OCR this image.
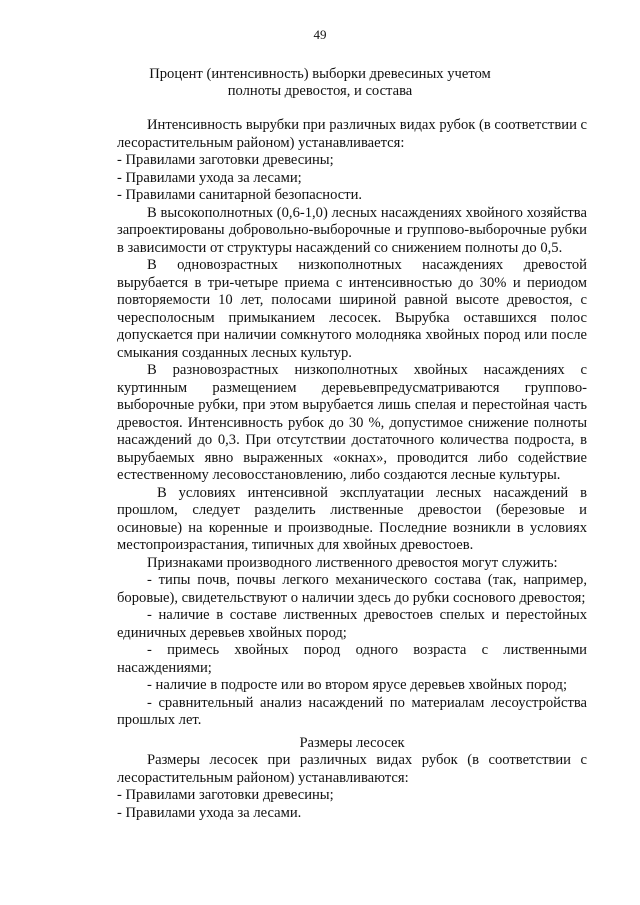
49
Процент (интенсивность) выборки древесиных учетом
полноты древостоя, и состава

Интенсивность вырубки при различных видах рубок (в соответствии с лесорастительным районом) устанавливается:

- Правилами заготовки древесины;

- Правилами ухода за лесами;

- Правилами санитарной безопасности.

В высокополнотных (0,6-1,0) лесных насаждениях хвойного хозяйства запроектированы добровольно-выборочные и группово-выборочные рубки в зависимости от структуры насаждений со снижением полноты до 0,5.

В одновозрастных низкополнотных насаждениях древостой вырубается в три-четыре приема с интенсивностью до 30% и периодом повторяемости 10 лет, полосами шириной равной высоте древостоя, с чересполосным примыканием лесосек. Вырубка оставшихся полос допускается при наличии сомкнутого молодняка хвойных пород или после смыкания созданных лесных культур.

В разновозрастных низкополнотных хвойных насаждениях с куртинным размещением деревьевпредусматриваются группово-выборочные рубки, при этом вырубается лишь спелая и перестойная часть древостоя. Интенсивность рубок до 30 %, допустимое снижение полноты насаждений до 0,3. При отсутствии достаточного количества подроста, в вырубаемых явно выраженных «окнах», проводится либо содействие естественному лесовосстановлению, либо создаются лесные культуры.

В условиях интенсивной эксплуатации лесных насаждений в прошлом, следует разделить лиственные древостои (березовые и осиновые) на коренные и производные. Последние возникли в условиях местопроизрастания, типичных для хвойных древостоев.

Признаками производного лиственного древостоя могут служить:

- типы почв, почвы легкого механического состава (так, например, боровые), свидетельствуют о наличии здесь до рубки соснового древостоя;

- наличие в составе лиственных древостоев спелых и перестойных единичных деревьев хвойных пород;

- примесь хвойных пород одного возраста с лиственными насаждениями;

- наличие в подросте или во втором ярусе деревьев хвойных пород;

- сравнительный анализ насаждений по материалам лесоустройства прошлых лет.

Размеры лесосек

Размеры лесосек при различных видах рубок (в соответствии с лесорастительным районом) устанавливаются:

- Правилами заготовки древесины;

- Правилами ухода за лесами.
